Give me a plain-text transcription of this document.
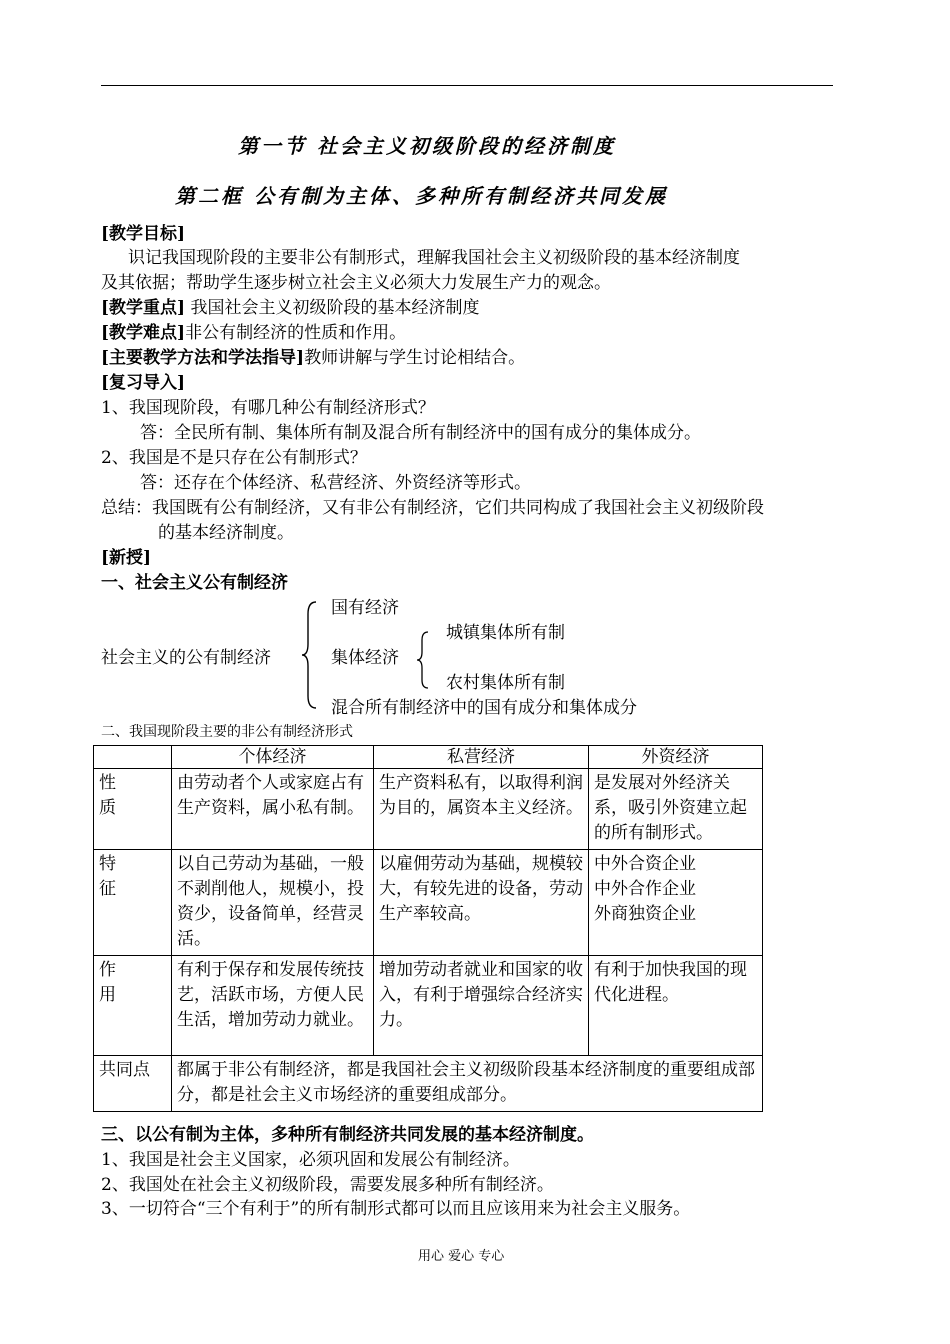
第一节 社会主义初级阶段的经济制度
第二框 公有制为主体、多种所有制经济共同发展
[教学目标]
识记我国现阶段的主要非公有制形式，理解我国社会主义初级阶段的基本经济制度
及其依据；帮助学生逐步树立社会主义必须大力发展生产力的观念。
[教学重点] 我国社会主义初级阶段的基本经济制度
[教学难点]非公有制经济的性质和作用。
[主要教学方法和学法指导]教师讲解与学生讨论相结合。
[复习导入]
1、我国现阶段，有哪几种公有制经济形式？
答：全民所有制、集体所有制及混合所有制经济中的国有成分的集体成分。
2、我国是不是只存在公有制形式？
答：还存在个体经济、私营经济、外资经济等形式。
总结：我国既有公有制经济，又有非公有制经济，它们共同构成了我国社会主义初级阶段
的基本经济制度。
[新授]
一、社会主义公有制经济
社会主义的公有制经济
国有经济
集体经济
城镇集体所有制
农村集体所有制
混合所有制经济中的国有成分和集体成分
二、我国现阶段主要的非公有制经济形式
	个体经济	私营经济	外资经济
性质	由劳动者个人或家庭占有生产资料，属小私有制。	生产资料私有，以取得利润为目的，属资本主义经济。	是发展对外经济关系，吸引外资建立起的所有制形式。
特征	以自己劳动为基础，一般不剥削他人，规模小，投资少，设备简单，经营灵活。	以雇佣劳动为基础，规模较大，有较先进的设备，劳动生产率较高。	中外合资企业
中外合作企业
外商独资企业

作用	有利于保存和发展传统技艺，活跃市场，方便人民生活，增加劳动力就业。	增加劳动者就业和国家的收入，有利于增强综合经济实力。	有利于加快我国的现代化进程。
共同点	都属于非公有制经济，都是我国社会主义初级阶段基本经济制度的重要组成部分，都是社会主义市场经济的重要组成部分。		
三、以公有制为主体，多种所有制经济共同发展的基本经济制度。
1、我国是社会主义国家，必须巩固和发展公有制经济。
2、我国处在社会主义初级阶段，需要发展多种所有制经济。
3、一切符合“三个有利于”的所有制形式都可以而且应该用来为社会主义服务。
用心 爱心 专心
